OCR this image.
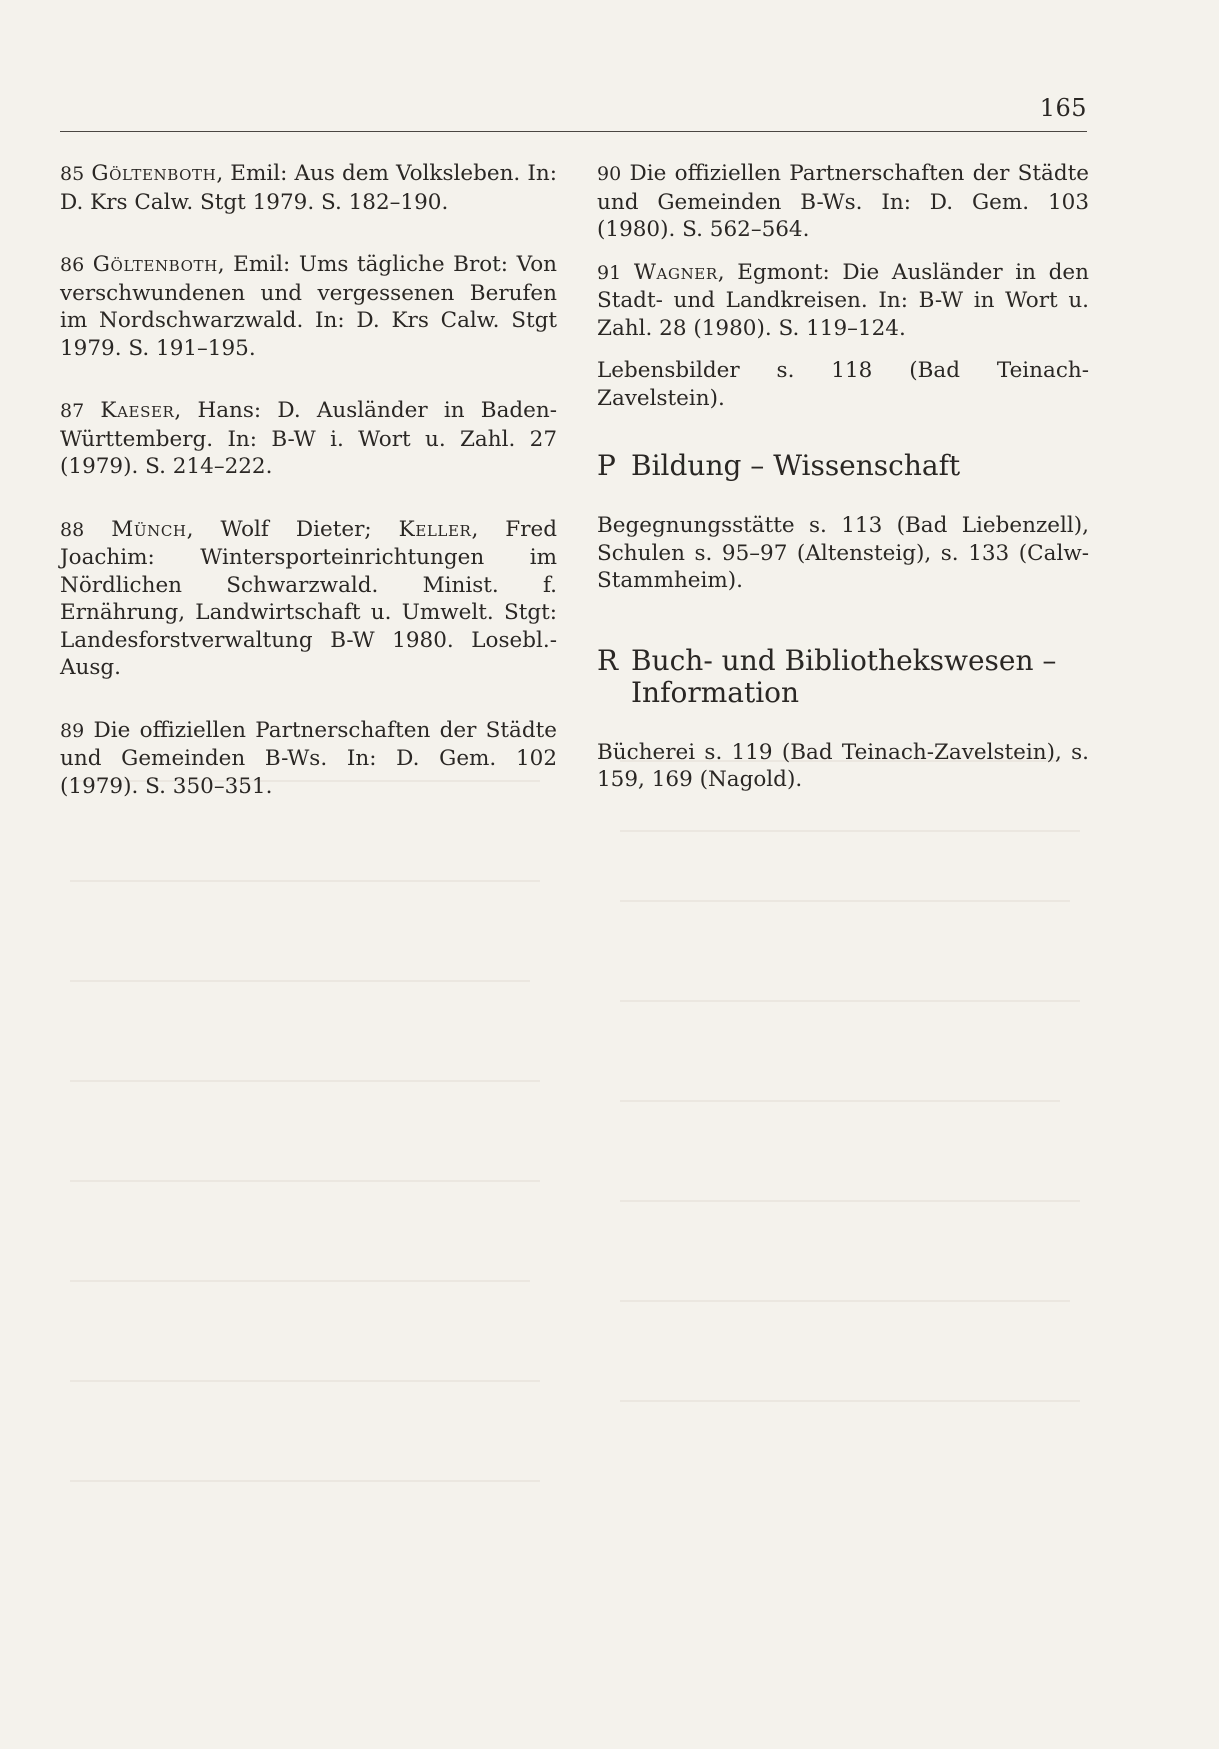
165

85 Göltenboth, Emil: Aus dem Volksleben. In: D. Krs Calw. Stgt 1979. S. 182–190.

86 Göltenboth, Emil: Ums tägliche Brot: Von verschwundenen und vergessenen Berufen im Nordschwarzwald. In: D. Krs Calw. Stgt 1979. S. 191–195.

87 Kaeser, Hans: D. Ausländer in Baden-Württemberg. In: B-W i. Wort u. Zahl. 27 (1979). S. 214–222.

88 Münch, Wolf Dieter; Keller, Fred Joachim: Wintersporteinrichtungen im Nördlichen Schwarzwald. Minist. f. Ernährung, Landwirtschaft u. Umwelt. Stgt: Landesforstverwaltung B-W 1980. Losebl.-Ausg.

89 Die offiziellen Partnerschaften der Städte und Gemeinden B-Ws. In: D. Gem. 102 (1979). S. 350–351.

90 Die offiziellen Partnerschaften der Städte und Gemeinden B-Ws. In: D. Gem. 103 (1980). S. 562–564.

91 Wagner, Egmont: Die Ausländer in den Stadt- und Landkreisen. In: B-W in Wort u. Zahl. 28 (1980). S. 119–124.

Lebensbilder s. 118 (Bad Teinach-Zavelstein).

P Bildung – Wissenschaft

Begegnungsstätte s. 113 (Bad Liebenzell), Schulen s. 95–97 (Altensteig), s. 133 (Calw-Stammheim).

R Buch- und Bibliothekswesen –
Information

Bücherei s. 119 (Bad Teinach-Zavelstein), s. 159, 169 (Nagold).
